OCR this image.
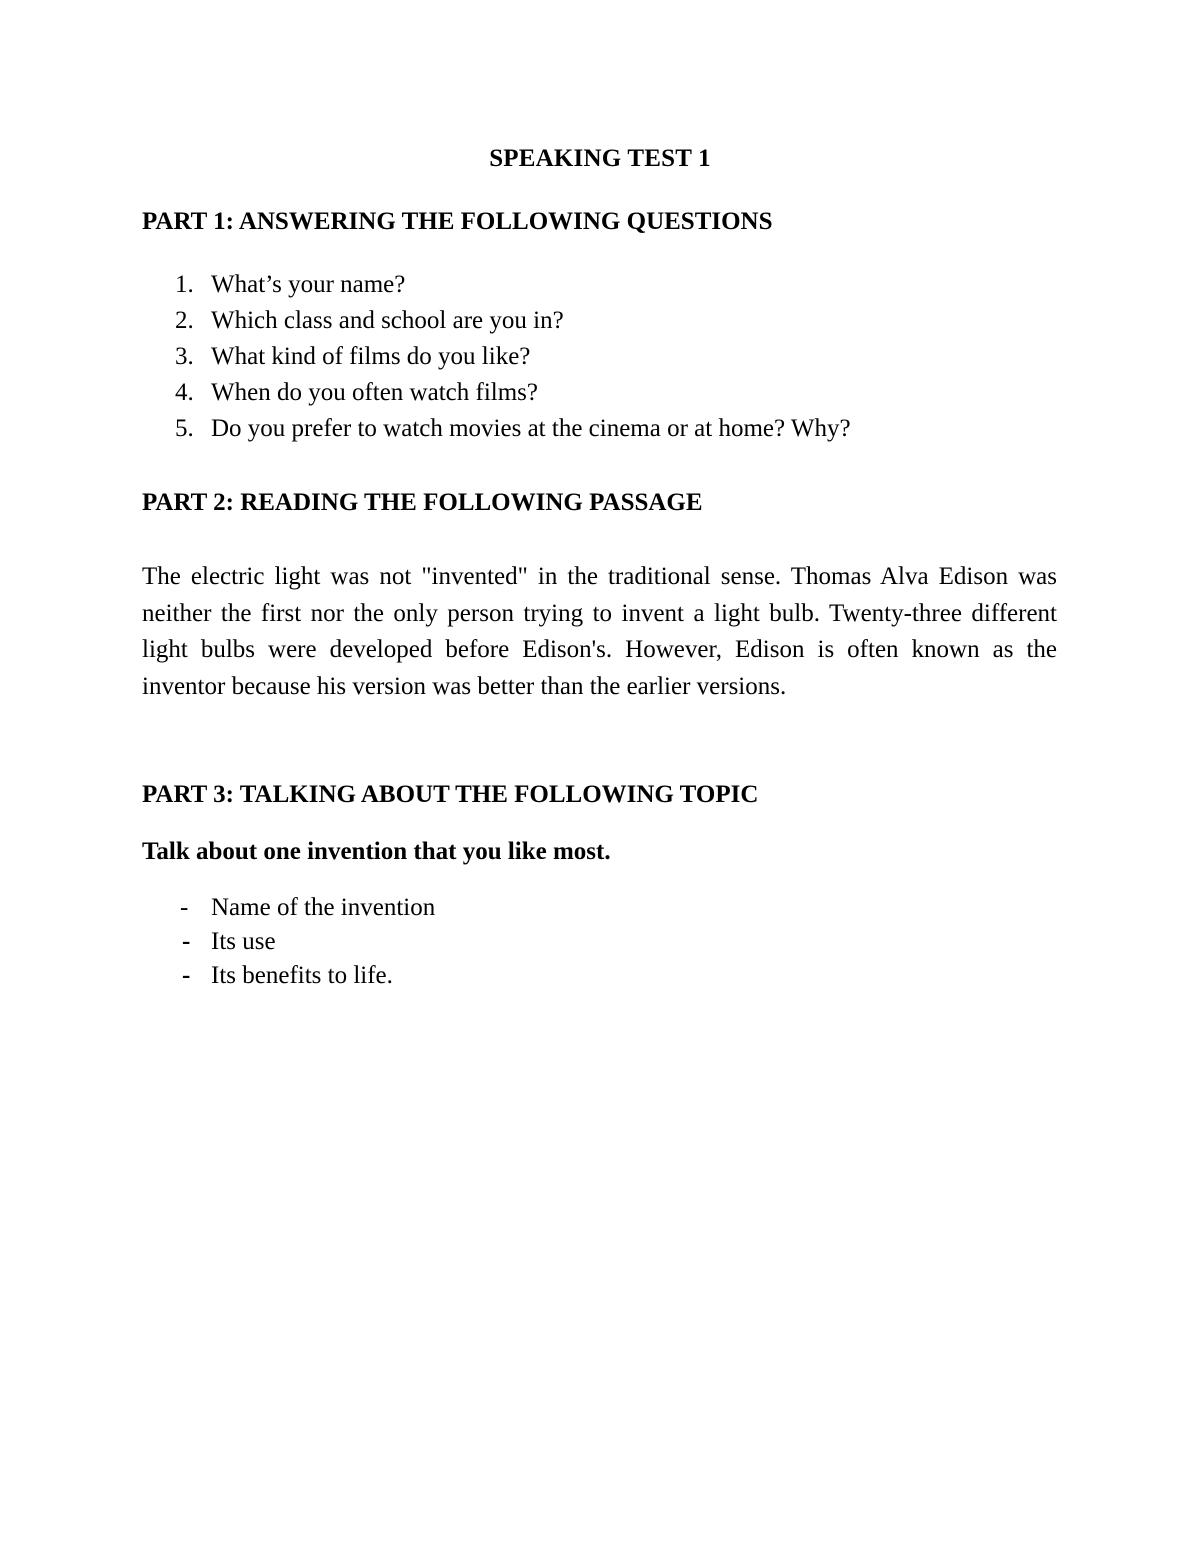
SPEAKING TEST 1
PART 1: ANSWERING THE FOLLOWING QUESTIONS
1. What’s your name?
2. Which class and school are you in?
3. What kind of films do you like?
4. When do you often watch films?
5. Do you prefer to watch movies at the cinema or at home? Why?
PART 2: READING THE FOLLOWING PASSAGE

The electric light was not "invented" in the traditional sense. Thomas Alva Edison was neither the first nor the only person trying to invent a light bulb. Twenty-three different light bulbs were developed before Edison's. However, Edison is often known as the inventor because his version was better than the earlier versions.

PART 3: TALKING ABOUT THE FOLLOWING TOPIC
Talk about one invention that you like most.
- Name of the invention
- Its use
- Its benefits to life.
